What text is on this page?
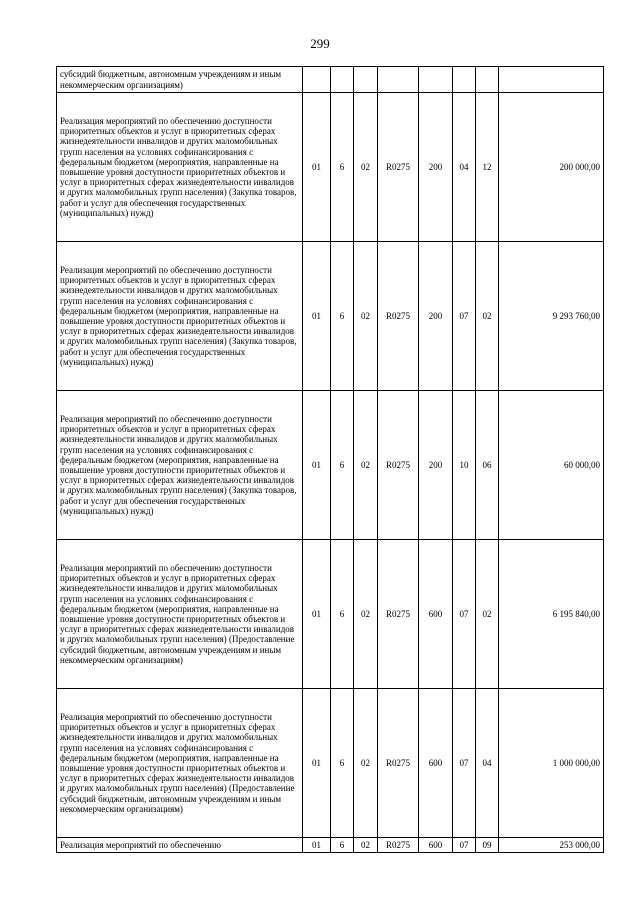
299
субсидий бюджетным, автономным учреждениям и иным некоммерческим организациям)								
Реализация мероприятий по обеспечению доступности приоритетных объектов и услуг в приоритетных сферах жизнедеятельности инвалидов и других маломобильных групп населения на условиях софинансирования с федеральным бюджетом (мероприятия, направленные на повышение уровня доступности приоритетных объектов и услуг в приоритетных сферах жизнедеятельности инвалидов и других маломобильных групп населения) (Закупка товаров, работ и услуг для обеспечения государственных (муниципальных) нужд)	01	6	02	R0275	200	04	12	200 000,00
Реализация мероприятий по обеспечению доступности приоритетных объектов и услуг в приоритетных сферах жизнедеятельности инвалидов и других маломобильных групп населения на условиях софинансирования с федеральным бюджетом (мероприятия, направленные на повышение уровня доступности приоритетных объектов и услуг в приоритетных сферах жизнедеятельности инвалидов и других маломобильных групп населения) (Закупка товаров, работ и услуг для обеспечения государственных (муниципальных) нужд)	01	6	02	R0275	200	07	02	9 293 760,00
Реализация мероприятий по обеспечению доступности приоритетных объектов и услуг в приоритетных сферах жизнедеятельности инвалидов и других маломобильных групп населения на условиях софинансирования с федеральным бюджетом (мероприятия, направленные на повышение уровня доступности приоритетных объектов и услуг в приоритетных сферах жизнедеятельности инвалидов и других маломобильных групп населения) (Закупка товаров, работ и услуг для обеспечения государственных (муниципальных) нужд)	01	6	02	R0275	200	10	06	60 000,00
Реализация мероприятий по обеспечению доступности приоритетных объектов и услуг в приоритетных сферах жизнедеятельности инвалидов и других маломобильных групп населения на условиях софинансирования с федеральным бюджетом (мероприятия, направленные на повышение уровня доступности приоритетных объектов и услуг в приоритетных сферах жизнедеятельности инвалидов и других маломобильных групп населения) (Предоставление субсидий бюджетным, автономным учреждениям и иным некоммерческим организациям)	01	6	02	R0275	600	07	02	6 195 840,00
Реализация мероприятий по обеспечению доступности приоритетных объектов и услуг в приоритетных сферах жизнедеятельности инвалидов и других маломобильных групп населения на условиях софинансирования с федеральным бюджетом (мероприятия, направленные на повышение уровня доступности приоритетных объектов и услуг в приоритетных сферах жизнедеятельности инвалидов и других маломобильных групп населения) (Предоставление субсидий бюджетным, автономным учреждениям и иным некоммерческим организациям)	01	6	02	R0275	600	07	04	1 000 000,00
Реализация мероприятий по обеспечению	01	6	02	R0275	600	07	09	253 000,00
